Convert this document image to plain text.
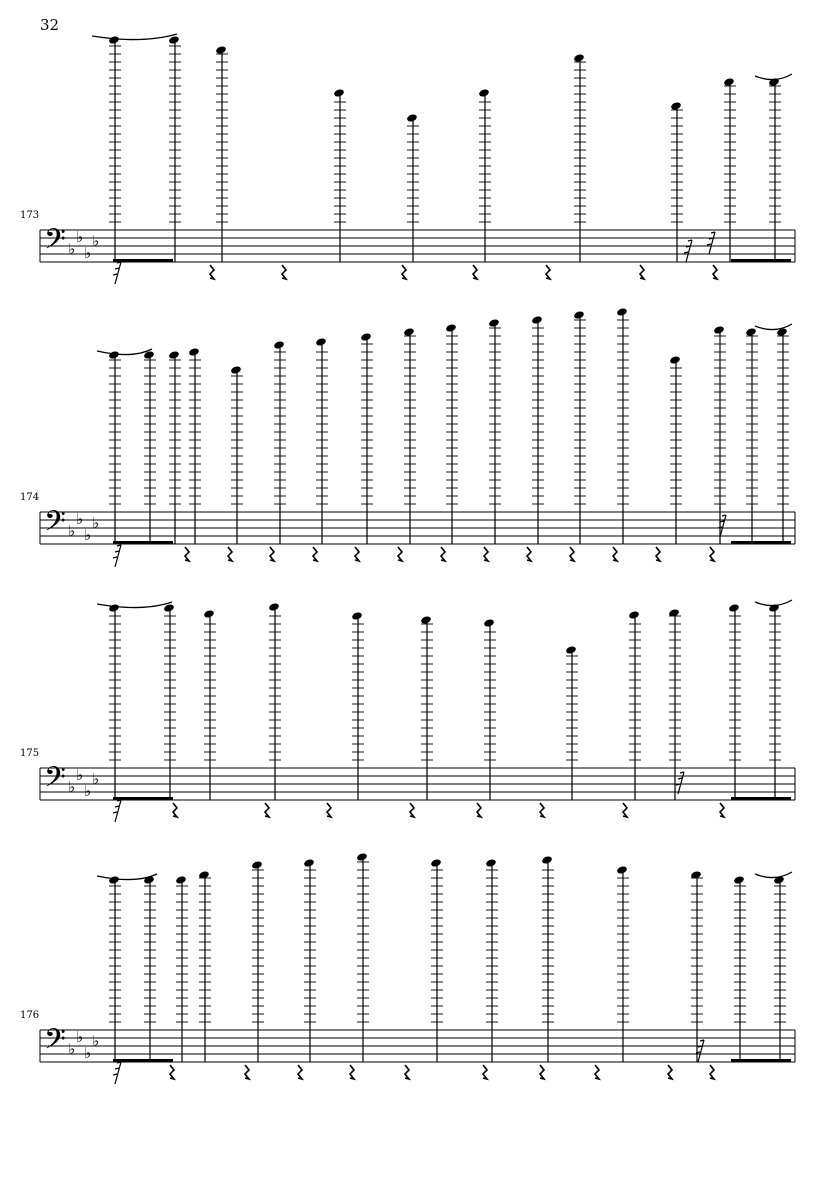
32
173
𝄢 ♭
♭
♭
♭
174
𝄢 ♭
♭
♭
♭
175
𝄢 ♭
♭
♭
♭
176
𝄢 ♭
♭
♭
♭
